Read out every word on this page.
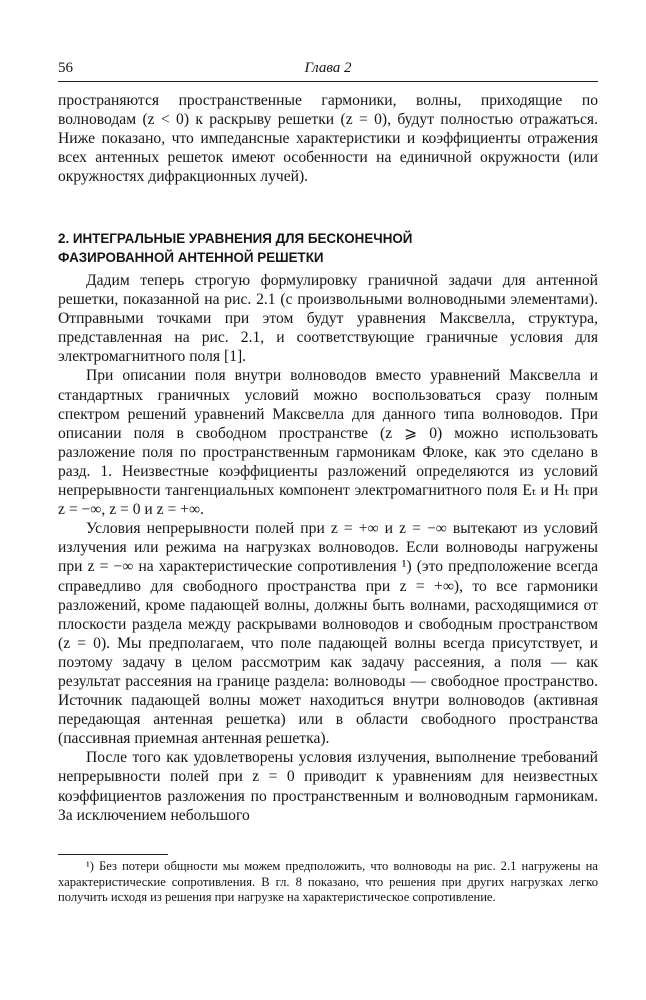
56	Глава 2

пространяются пространственные гармоники, волны, приходящие по волноводам (z < 0) к раскрыву решетки (z = 0), будут полностью отражаться. Ниже показано, что импедансные характеристики и коэффициенты отражения всех антенных решеток имеют особенности на единичной окружности (или окружностях дифракционных лучей).

2. ИНТЕГРАЛЬНЫЕ УРАВНЕНИЯ ДЛЯ БЕСКОНЕЧНОЙ
ФАЗИРОВАННОЙ АНТЕННОЙ РЕШЕТКИ

Дадим теперь строгую формулировку граничной задачи для антенной решетки, показанной на рис. 2.1 (с произвольными волноводными элементами). Отправными точками при этом будут уравнения Максвелла, структура, представленная на рис. 2.1, и соответствующие граничные условия для электромагнитного поля [1].

При описании поля внутри волноводов вместо уравнений Максвелла и стандартных граничных условий можно воспользоваться сразу полным спектром решений уравнений Максвелла для данного типа волноводов. При описании поля в свободном пространстве (z ⩾ 0) можно использовать разложение поля по пространственным гармоникам Флоке, как это сделано в разд. 1. Неизвестные коэффициенты разложений определяются из условий непрерывности тангенциальных компонент электромагнитного поля Eₜ и Hₜ при z = −∞, z = 0 и z = +∞.

Условия непрерывности полей при z = +∞ и z = −∞ вытекают из условий излучения или режима на нагрузках волноводов. Если волноводы нагружены при z = −∞ на характеристические сопротивления ¹) (это предположение всегда справедливо для свободного пространства при z = +∞), то все гармоники разложений, кроме падающей волны, должны быть волнами, расходящимися от плоскости раздела между раскрывами волноводов и свободным пространством (z = 0). Мы предполагаем, что поле падающей волны всегда присутствует, и поэтому задачу в целом рассмотрим как задачу рассеяния, а поля — как результат рассеяния на границе раздела: волноводы — свободное пространство. Источник падающей волны может находиться внутри волноводов (активная передающая антенная решетка) или в области свободного пространства (пассивная приемная антенная решетка).

После того как удовлетворены условия излучения, выполнение требований непрерывности полей при z = 0 приводит к уравнениям для неизвестных коэффициентов разложения по пространственным и волноводным гармоникам. За исключением небольшого

¹) Без потери общности мы можем предположить, что волноводы на рис. 2.1 нагружены на характеристические сопротивления. В гл. 8 показано, что решения при других нагрузках легко получить исходя из решения при нагрузке на характеристическое сопротивление.
